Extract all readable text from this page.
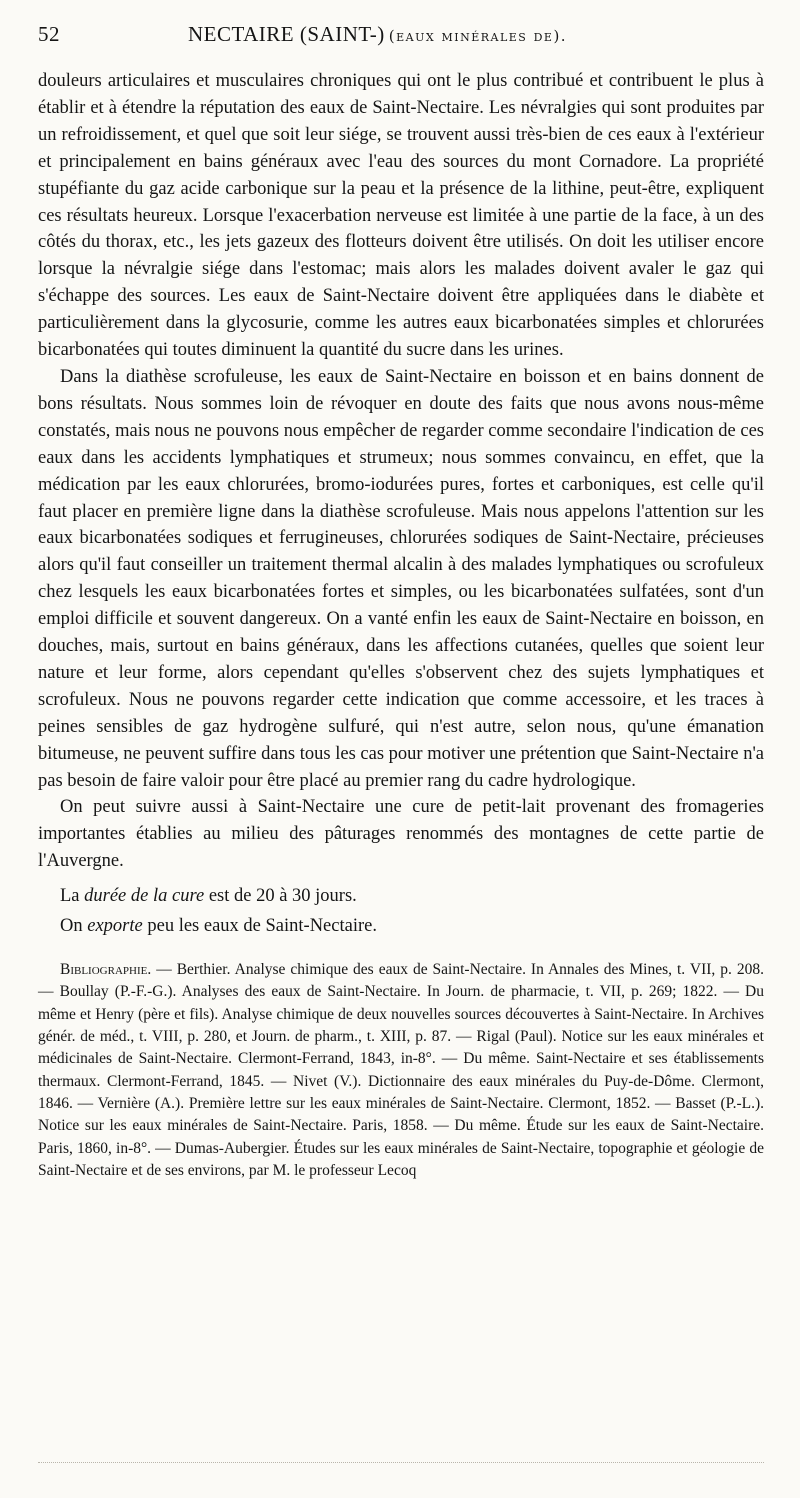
52	NECTAIRE (SAINT-) (eaux minérales de).

douleurs articulaires et musculaires chroniques qui ont le plus contribué et contribuent le plus à établir et à étendre la réputation des eaux de Saint-Nectaire. Les névralgies qui sont produites par un refroidissement, et quel que soit leur siége, se trouvent aussi très-bien de ces eaux à l'extérieur et principalement en bains généraux avec l'eau des sources du mont Cornadore. La propriété stupéfiante du gaz acide carbonique sur la peau et la présence de la lithine, peut-être, expliquent ces résultats heureux. Lorsque l'exacerbation nerveuse est limitée à une partie de la face, à un des côtés du thorax, etc., les jets gazeux des flotteurs doivent être utilisés. On doit les utiliser encore lorsque la névralgie siége dans l'estomac; mais alors les malades doivent avaler le gaz qui s'échappe des sources. Les eaux de Saint-Nectaire doivent être appliquées dans le diabète et particulièrement dans la glycosurie, comme les autres eaux bicarbonatées simples et chlorurées bicarbonatées qui toutes diminuent la quantité du sucre dans les urines.

Dans la diathèse scrofuleuse, les eaux de Saint-Nectaire en boisson et en bains donnent de bons résultats. Nous sommes loin de révoquer en doute des faits que nous avons nous-même constatés, mais nous ne pouvons nous empêcher de regarder comme secondaire l'indication de ces eaux dans les accidents lymphatiques et strumeux; nous sommes convaincu, en effet, que la médication par les eaux chlorurées, bromo-iodurées pures, fortes et carboniques, est celle qu'il faut placer en première ligne dans la diathèse scrofuleuse. Mais nous appelons l'attention sur les eaux bicarbonatées sodiques et ferrugineuses, chlorurées sodiques de Saint-Nectaire, précieuses alors qu'il faut conseiller un traitement thermal alcalin à des malades lymphatiques ou scrofuleux chez lesquels les eaux bicarbonatées fortes et simples, ou les bicarbonatées sulfatées, sont d'un emploi difficile et souvent dangereux. On a vanté enfin les eaux de Saint-Nectaire en boisson, en douches, mais, surtout en bains généraux, dans les affections cutanées, quelles que soient leur nature et leur forme, alors cependant qu'elles s'observent chez des sujets lymphatiques et scrofuleux. Nous ne pouvons regarder cette indication que comme accessoire, et les traces à peines sensibles de gaz hydrogène sulfuré, qui n'est autre, selon nous, qu'une émanation bitumeuse, ne peuvent suffire dans tous les cas pour motiver une prétention que Saint-Nectaire n'a pas besoin de faire valoir pour être placé au premier rang du cadre hydrologique.

On peut suivre aussi à Saint-Nectaire une cure de petit-lait provenant des fromageries importantes établies au milieu des pâturages renommés des montagnes de cette partie de l'Auvergne.

La durée de la cure est de 20 à 30 jours.
On exporte peu les eaux de Saint-Nectaire.
Bibliographie. — Berthier. Analyse chimique des eaux de Saint-Nectaire. In Annales des Mines, t. VII, p. 208. — Boullay (P.-F.-G.). Analyses des eaux de Saint-Nectaire. In Journ. de pharmacie, t. VII, p. 269; 1822. — Du même et Henry (père et fils). Analyse chimique de deux nouvelles sources découvertes à Saint-Nectaire. In Archives génér. de méd., t. VIII, p. 280, et Journ. de pharm., t. XIII, p. 87. — Rigal (Paul). Notice sur les eaux minérales et médicinales de Saint-Nectaire. Clermont-Ferrand, 1843, in-8°. — Du même. Saint-Nectaire et ses établissements thermaux. Clermont-Ferrand, 1845. — Nivet (V.). Dictionnaire des eaux minérales du Puy-de-Dôme. Clermont, 1846. — Vernière (A.). Première lettre sur les eaux minérales de Saint-Nectaire. Clermont, 1852. — Basset (P.-L.). Notice sur les eaux minérales de Saint-Nectaire. Paris, 1858. — Du même. Étude sur les eaux de Saint-Nectaire. Paris, 1860, in-8°. — Dumas-Aubergier. Études sur les eaux minérales de Saint-Nectaire, topographie et géologie de Saint-Nectaire et de ses environs, par M. le professeur Lecoq
